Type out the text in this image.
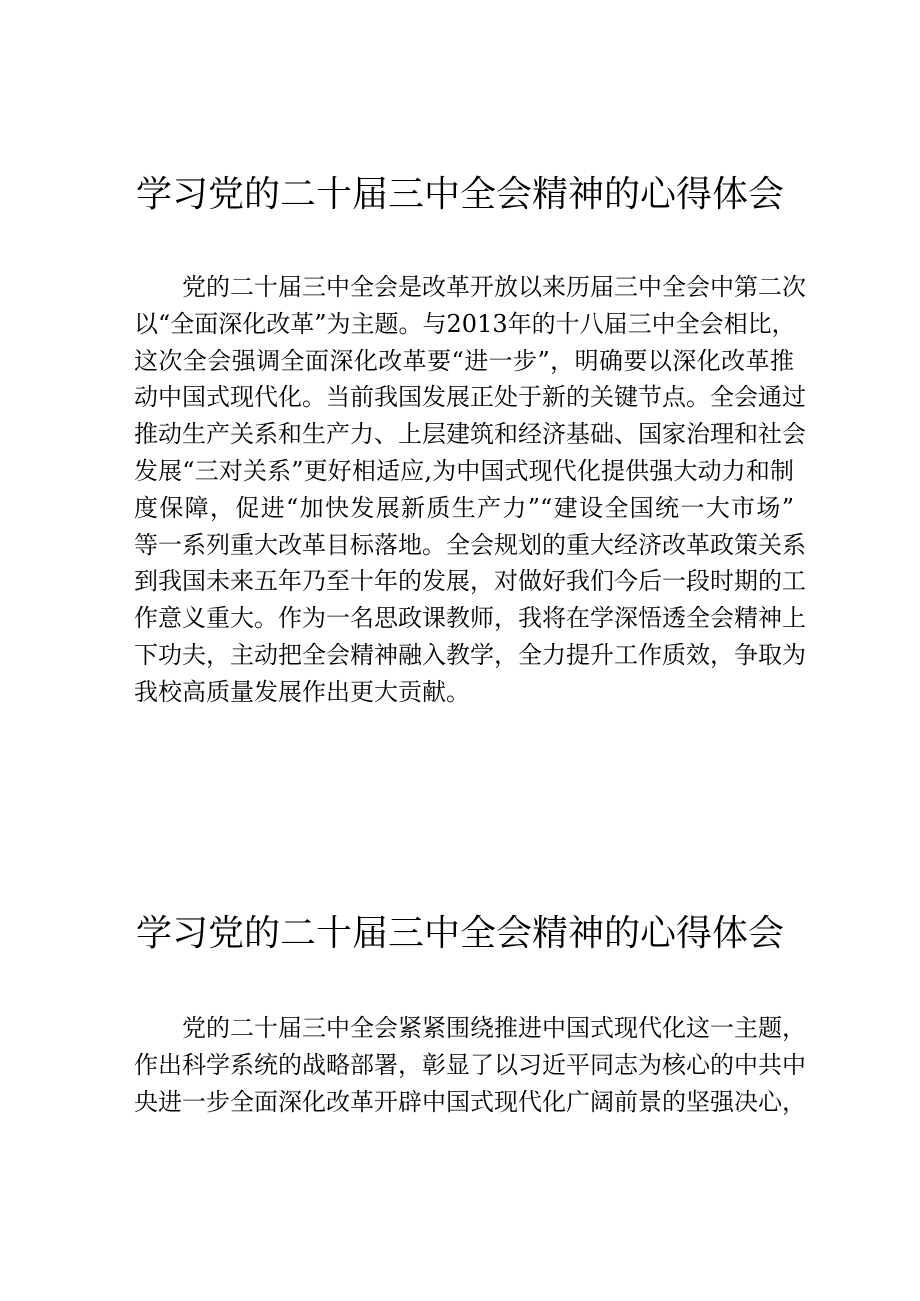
学习党的二十届三中全会精神的心得体会
党的二十届三中全会是改革开放以来历届三中全会中第二次
以“全面深化改革”为主题。与2013年的十八届三中全会相比，
这次全会强调全面深化改革要“进一步”，明确要以深化改革推
动中国式现代化。当前我国发展正处于新的关键节点。全会通过
推动生产关系和生产力、上层建筑和经济基础、国家治理和社会
发展“三对关系”更好相适应,为中国式现代化提供强大动力和制
度保障，促进“加快发展新质生产力”“建设全国统一大市场”
等一系列重大改革目标落地。全会规划的重大经济改革政策关系
到我国未来五年乃至十年的发展，对做好我们今后一段时期的工
作意义重大。作为一名思政课教师，我将在学深悟透全会精神上
下功夫，主动把全会精神融入教学，全力提升工作质效，争取为
我校高质量发展作出更大贡献。
学习党的二十届三中全会精神的心得体会
党的二十届三中全会紧紧围绕推进中国式现代化这一主题，
作出科学系统的战略部署，彰显了以习近平同志为核心的中共中
央进一步全面深化改革开辟中国式现代化广阔前景的坚强决心，
